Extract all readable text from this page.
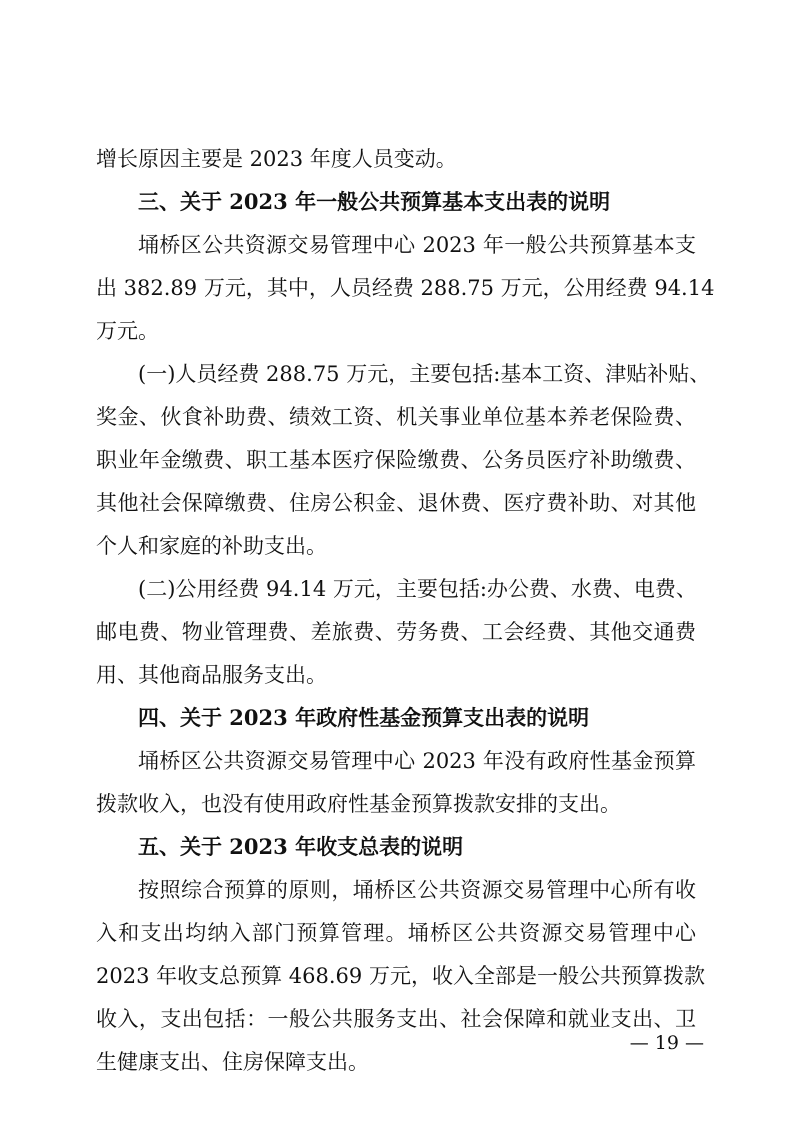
增长原因主要是 2023 年度人员变动。
三、关于 2023 年一般公共预算基本支出表的说明
埇桥区公共资源交易管理中心 2023 年一般公共预算基本支
出 382.89 万元，其中，人员经费 288.75 万元，公用经费 94.14
万元。
(一)人员经费 288.75 万元，主要包括:基本工资、津贴补贴、
奖金、伙食补助费、绩效工资、机关事业单位基本养老保险费、
职业年金缴费、职工基本医疗保险缴费、公务员医疗补助缴费、
其他社会保障缴费、住房公积金、退休费、医疗费补助、对其他
个人和家庭的补助支出。
(二)公用经费 94.14 万元，主要包括:办公费、水费、电费、
邮电费、物业管理费、差旅费、劳务费、工会经费、其他交通费
用、其他商品服务支出。
四、关于 2023 年政府性基金预算支出表的说明
埇桥区公共资源交易管理中心 2023 年没有政府性基金预算
拨款收入，也没有使用政府性基金预算拨款安排的支出。
五、关于 2023 年收支总表的说明
按照综合预算的原则，埇桥区公共资源交易管理中心所有收
入和支出均纳入部门预算管理。埇桥区公共资源交易管理中心
2023 年收支总预算 468.69 万元，收入全部是一般公共预算拨款
收入，支出包括：一般公共服务支出、社会保障和就业支出、卫
生健康支出、住房保障支出。
— 19 —
